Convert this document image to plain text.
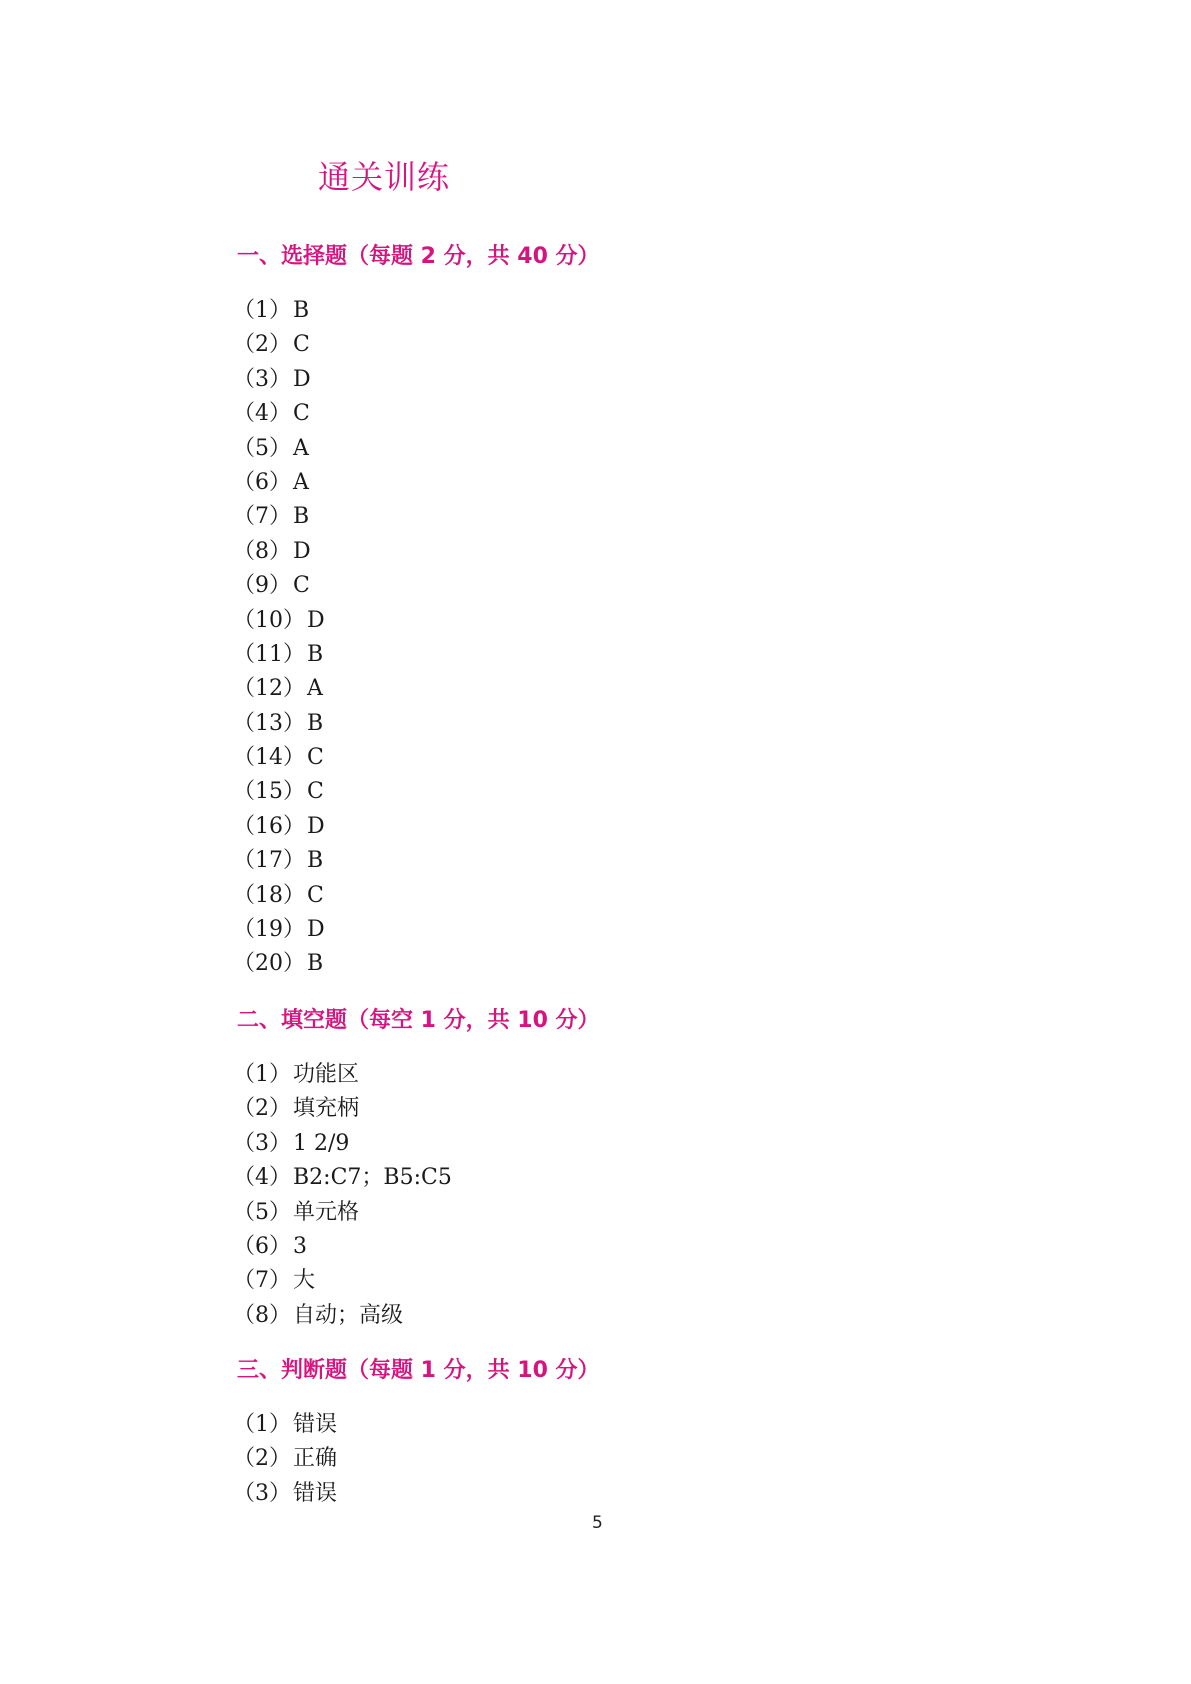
通关训练
一、选择题（每题 2 分，共 40 分）
（1）B
（2）C
（3）D
（4）C
（5）A
（6）A
（7）B
（8）D
（9）C
（10）D
（11）B
（12）A
（13）B
（14）C
（15）C
（16）D
（17）B
（18）C
（19）D
（20）B
二、填空题（每空 1 分，共 10 分）
（1）功能区
（2）填充柄
（3）1 2/9
（4）B2:C7；B5:C5
（5）单元格
（6）3
（7）大
（8）自动；高级
三、判断题（每题 1 分，共 10 分）
（1）错误
（2）正确
（3）错误
5
